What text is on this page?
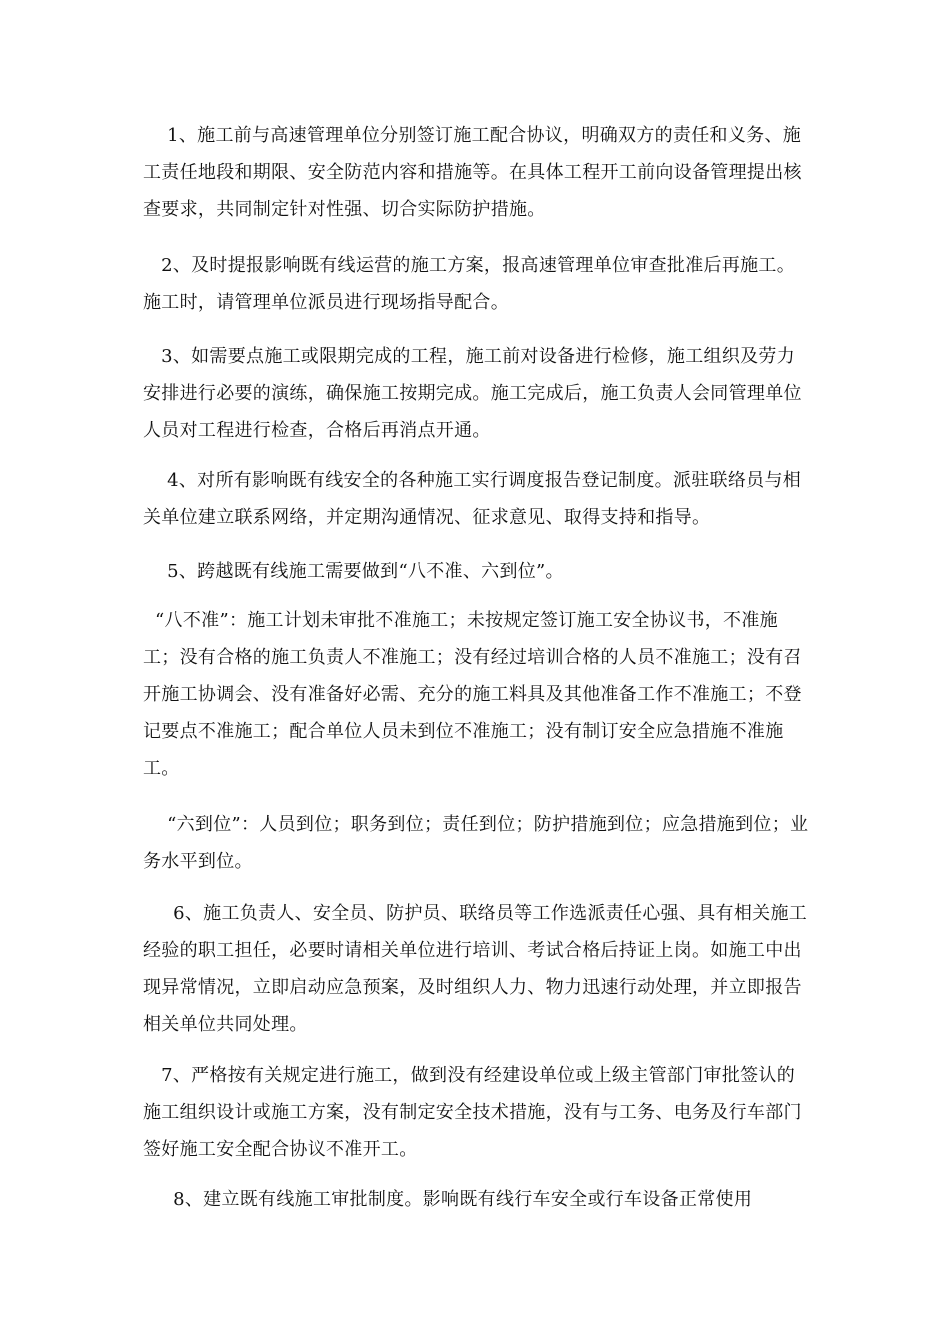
1、施工前与高速管理单位分别签订施工配合协议，明确双方的责任和义务、施工责任地段和期限、安全防范内容和措施等。在具体工程开工前向设备管理提出核查要求，共同制定针对性强、切合实际防护措施。

2、及时提报影响既有线运营的施工方案，报高速管理单位审查批准后再施工。施工时，请管理单位派员进行现场指导配合。

3、如需要点施工或限期完成的工程，施工前对设备进行检修，施工组织及劳力安排进行必要的演练，确保施工按期完成。施工完成后，施工负责人会同管理单位人员对工程进行检查，合格后再消点开通。

4、对所有影响既有线安全的各种施工实行调度报告登记制度。派驻联络员与相关单位建立联系网络，并定期沟通情况、征求意见、取得支持和指导。

5、跨越既有线施工需要做到“八不准、六到位”。

“八不准”：施工计划未审批不准施工；未按规定签订施工安全协议书，不准施工；没有合格的施工负责人不准施工；没有经过培训合格的人员不准施工；没有召开施工协调会、没有准备好必需、充分的施工料具及其他准备工作不准施工；不登记要点不准施工；配合单位人员未到位不准施工；没有制订安全应急措施不准施工。

“六到位”：人员到位；职务到位；责任到位；防护措施到位；应急措施到位；业务水平到位。

6、施工负责人、安全员、防护员、联络员等工作选派责任心强、具有相关施工经验的职工担任，必要时请相关单位进行培训、考试合格后持证上岗。如施工中出现异常情况，立即启动应急预案，及时组织人力、物力迅速行动处理，并立即报告相关单位共同处理。

7、严格按有关规定进行施工，做到没有经建设单位或上级主管部门审批签认的施工组织设计或施工方案，没有制定安全技术措施，没有与工务、电务及行车部门签好施工安全配合协议不准开工。

8、建立既有线施工审批制度。影响既有线行车安全或行车设备正常使用
